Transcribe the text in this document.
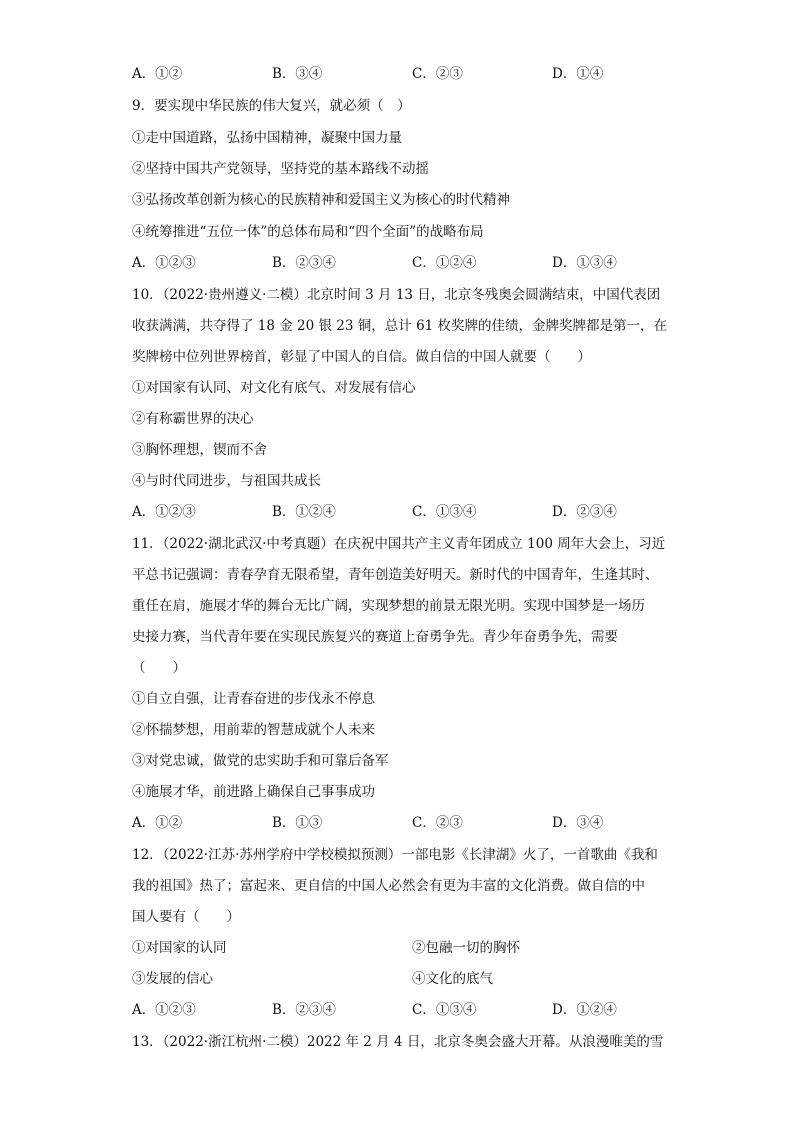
A．①②	B．③④	C．②③	D．①④
9．要实现中华民族的伟大复兴，就必须（　）
①走中国道路，弘扬中国精神，凝聚中国力量
②坚持中国共产党领导，坚持党的基本路线不动摇
③弘扬改革创新为核心的民族精神和爱国主义为核心的时代精神
④统筹推进“五位一体”的总体布局和“四个全面”的战略布局
A．①②③	B．②③④	C．①②④	D．①③④
10．（2022·贵州遵义·二模）北京时间 3 月 13 日，北京冬残奥会圆满结束，中国代表团
收获满满，共夺得了 18 金 20 银 23 铜，总计 61 枚奖牌的佳绩，金牌奖牌都是第一，在
奖牌榜中位列世界榜首，彰显了中国人的自信。做自信的中国人就要（　　）
①对国家有认同、对文化有底气、对发展有信心
②有称霸世界的决心
③胸怀理想，锲而不舍
④与时代同进步，与祖国共成长
A．①②③	B．①②④	C．①③④	D．②③④
11．（2022·湖北武汉·中考真题）在庆祝中国共产主义青年团成立 100 周年大会上，习近
平总书记强调：青春孕育无限希望，青年创造美好明天。新时代的中国青年，生逢其时、
重任在肩，施展才华的舞台无比广阔，实现梦想的前景无限光明。实现中国梦是一场历
史接力赛，当代青年要在实现民族复兴的赛道上奋勇争先。青少年奋勇争先，需要
（　　）
①自立自强，让青春奋进的步伐永不停息
②怀揣梦想，用前辈的智慧成就个人未来
③对党忠诚，做党的忠实助手和可靠后备军
④施展才华，前进路上确保自己事事成功
A．①②	B．①③	C．②③	D．③④
12．（2022·江苏·苏州学府中学校模拟预测）一部电影《长津湖》火了，一首歌曲《我和
我的祖国》热了；富起来、更自信的中国人必然会有更为丰富的文化消费。做自信的中
国人要有（　　）
①对国家的认同	②包融一切的胸怀
③发展的信心	④文化的底气
A．①②③	B．②③④	C．①③④	D．①②④
13．（2022·浙江杭州·二模）2022 年 2 月 4 日，北京冬奥会盛大开幕。从浪漫唯美的雪
